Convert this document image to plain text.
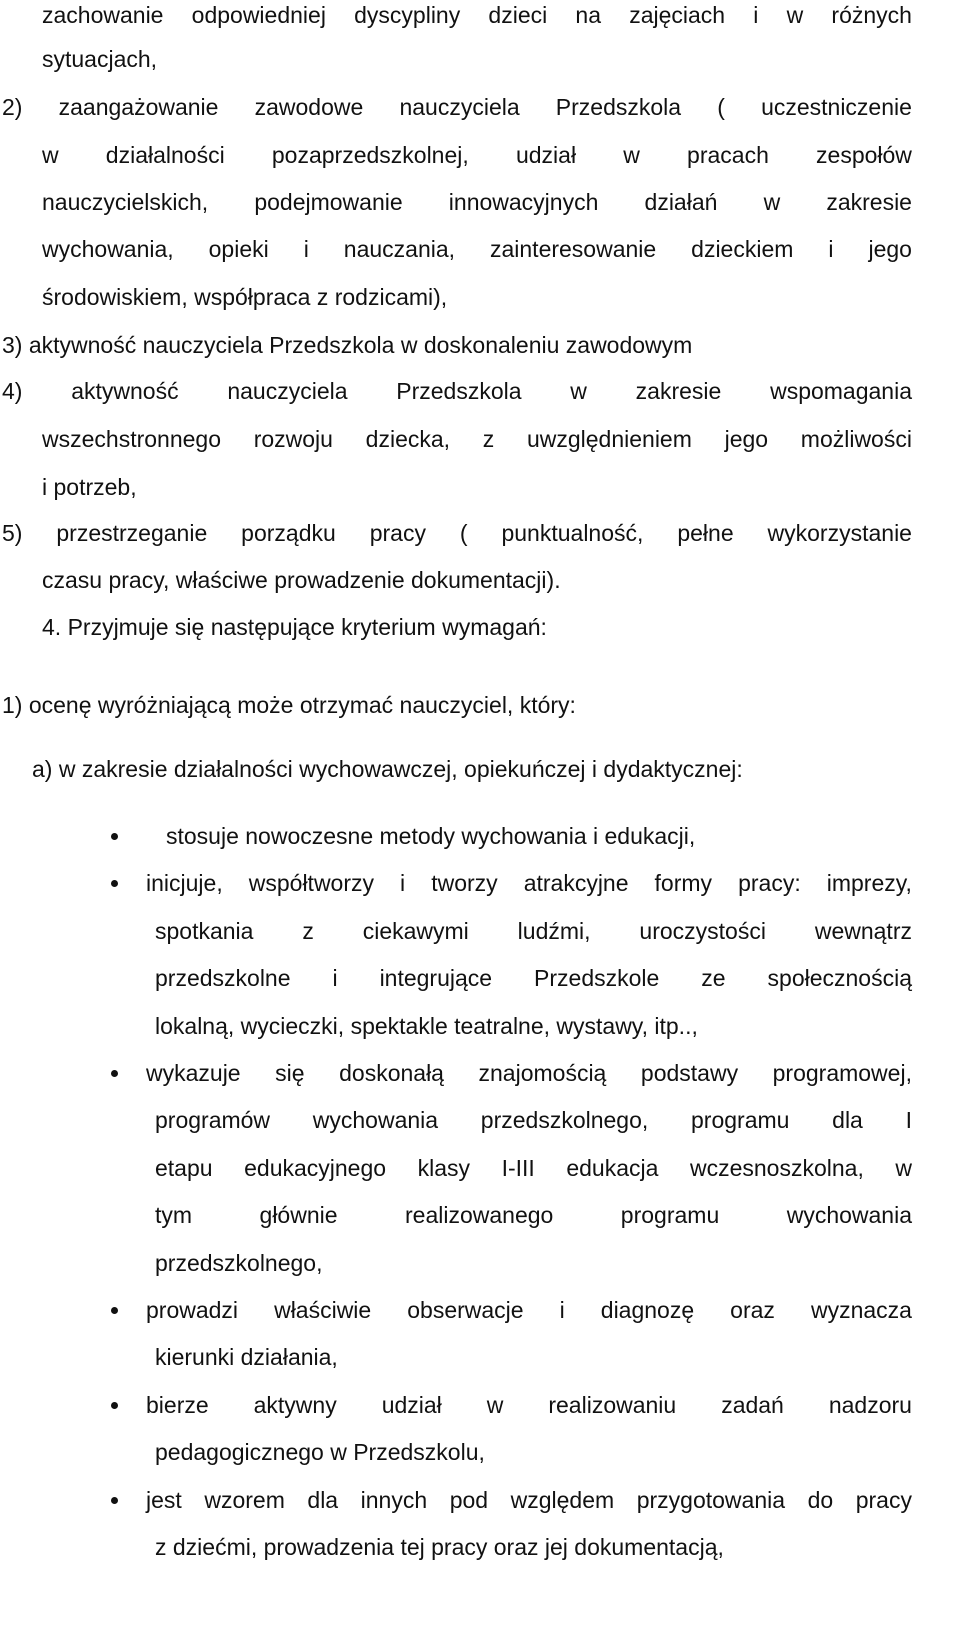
zachowanie odpowiedniej dyscypliny dzieci na zajęciach i w różnych
sytuacjach,
2) zaangażowanie zawodowe nauczyciela Przedszkola ( uczestniczenie
w działalności pozaprzedszkolnej, udział w pracach zespołów
nauczycielskich, podejmowanie innowacyjnych działań w zakresie
wychowania, opieki i nauczania, zainteresowanie dzieckiem i jego
środowiskiem, współpraca z rodzicami),
3) aktywność nauczyciela Przedszkola w doskonaleniu zawodowym
4) aktywność nauczyciela Przedszkola w zakresie wspomagania
wszechstronnego rozwoju dziecka, z uwzględnieniem jego możliwości
i potrzeb,
5) przestrzeganie porządku pracy ( punktualność, pełne wykorzystanie
czasu pracy, właściwe prowadzenie dokumentacji).
4. Przyjmuje się następujące kryterium wymagań:
1) ocenę wyróżniającą może otrzymać nauczyciel, który:
a) w zakresie działalności wychowawczej, opiekuńczej i dydaktycznej:
stosuje nowoczesne metody wychowania i edukacji,
inicjuje, współtworzy i tworzy atrakcyjne formy pracy: imprezy,
spotkania z ciekawymi ludźmi, uroczystości wewnątrz
przedszkolne i integrujące Przedszkole ze społecznością
lokalną, wycieczki, spektakle teatralne, wystawy, itp..,
wykazuje się doskonałą znajomością podstawy programowej,
programów wychowania przedszkolnego, programu dla I
etapu edukacyjnego klasy I-III edukacja wczesnoszkolna, w
tym	głównie	realizowanego	programu	wychowania
przedszkolnego,
prowadzi właściwie obserwacje i diagnozę oraz wyznacza
kierunki działania,
bierze aktywny udział w realizowaniu zadań nadzoru
pedagogicznego w Przedszkolu,
jest wzorem dla innych pod względem przygotowania do pracy
z dziećmi, prowadzenia tej pracy oraz jej dokumentacją,
